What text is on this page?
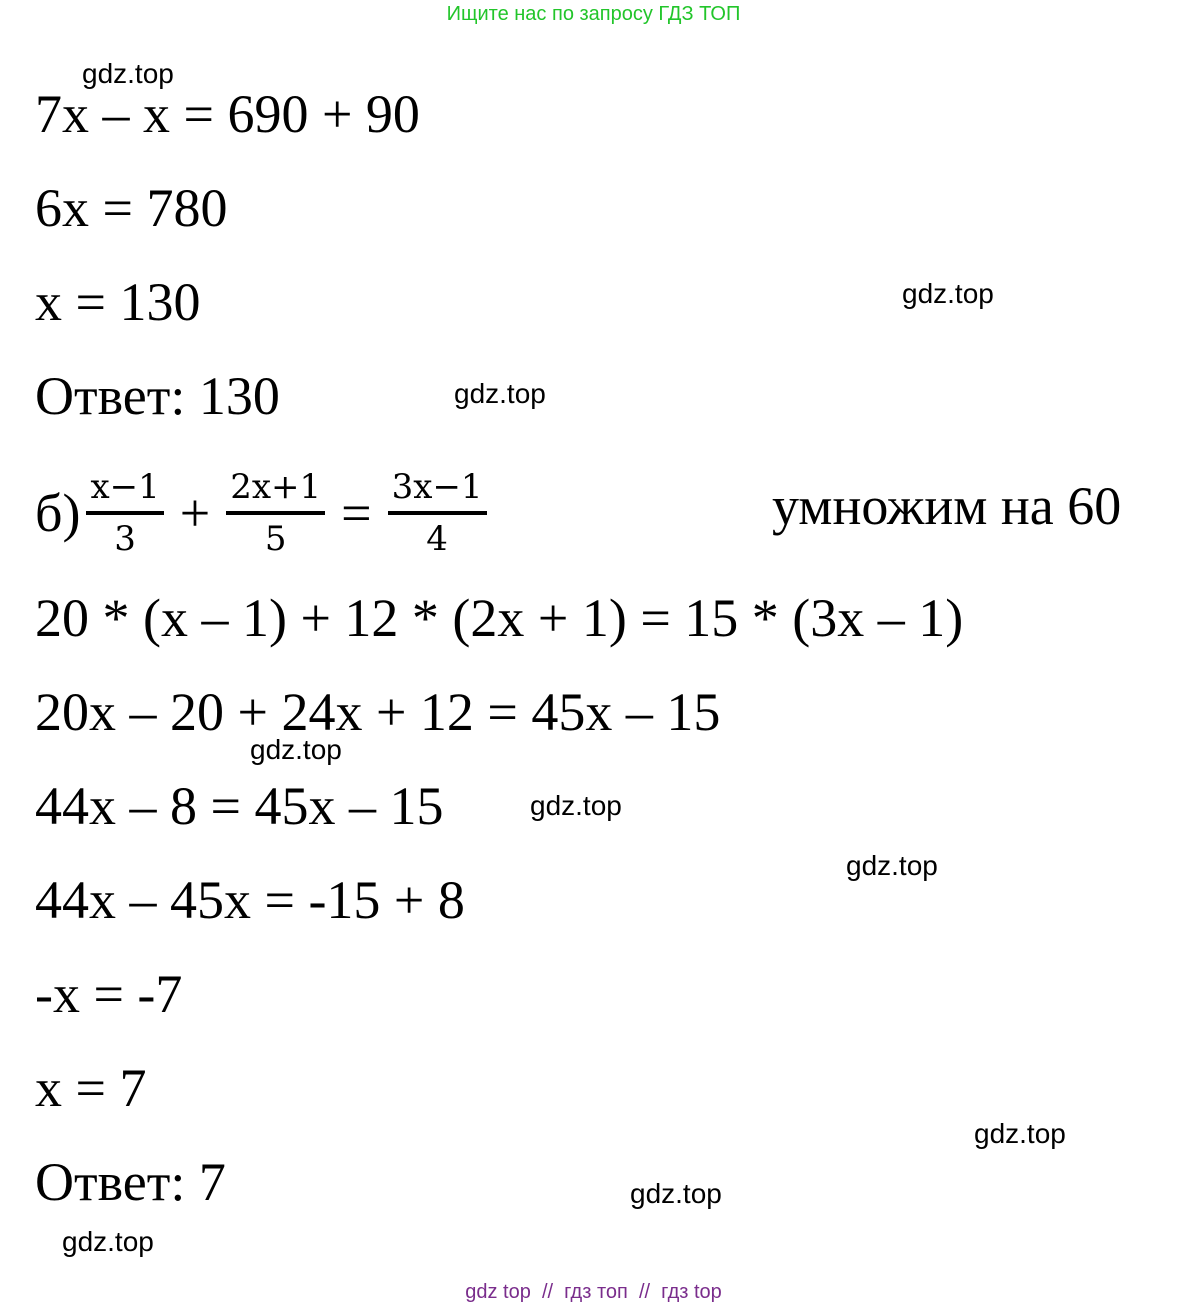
Ищите нас по запросу ГДЗ ТОП
7x – x = 690 + 90
6x = 780
x = 130
Ответ: 130
$б) \frac{x-1}{3} + \frac{2x+1}{5} = \frac{3x-1}{4}$	умножим на 60
20 * (x – 1) + 12 * (2x + 1) = 15 * (3x – 1)
20x – 20 + 24x + 12 = 45x – 15
44x – 8 = 45x – 15
44x – 45x = -15 + 8
-x = -7
x = 7
Ответ: 7
gdz.top
gdz.top
gdz.top
gdz.top
gdz.top
gdz.top
gdz.top
gdz.top
gdz.top
gdz top  //  гдз топ  //  гдз top
